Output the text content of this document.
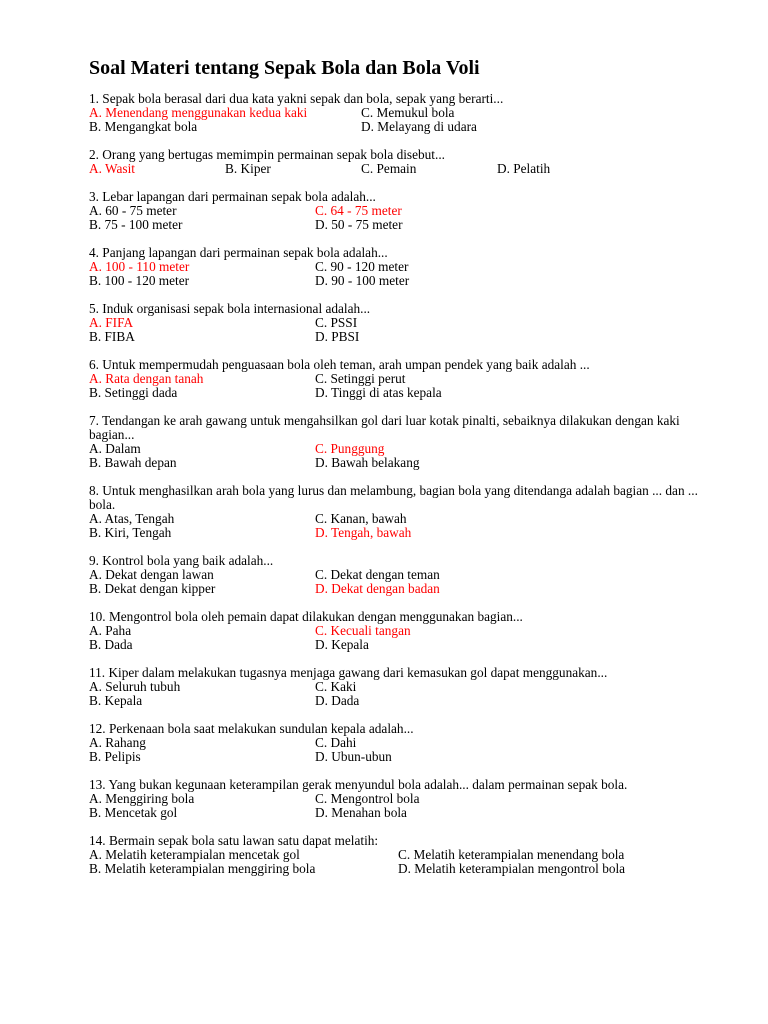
Soal Materi tentang Sepak Bola dan Bola Voli
1. Sepak bola berasal dari dua kata yakni sepak dan bola, sepak yang berarti...
A. Menendang menggunakan kedua kaki	C. Memukul bola
B. Mengangkat bola	D. Melayang di udara
2. Orang yang bertugas memimpin permainan sepak bola disebut...
A. Wasit	B. Kiper	C. Pemain	D. Pelatih
3. Lebar lapangan dari permainan sepak bola adalah...
A. 60 - 75 meter	C. 64 - 75 meter
B. 75 - 100 meter	D. 50 - 75 meter
4. Panjang lapangan dari permainan sepak bola adalah...
A. 100 - 110 meter	C. 90 - 120 meter
B. 100 - 120 meter	D. 90 - 100 meter
5. Induk organisasi sepak bola internasional adalah...
A. FIFA	C. PSSI
B. FIBA	D. PBSI
6. Untuk mempermudah penguasaan bola oleh teman, arah umpan pendek yang baik adalah ...
A. Rata dengan tanah	C. Setinggi perut
B. Setinggi dada	D. Tinggi di atas kepala
7. Tendangan ke arah gawang untuk mengahsilkan gol dari luar kotak pinalti, sebaiknya dilakukan dengan kaki bagian...
A. Dalam	C. Punggung
B. Bawah depan	D. Bawah belakang
8. Untuk menghasilkan arah bola yang lurus dan melambung, bagian bola yang ditendanga adalah bagian ... dan ... bola.
A. Atas, Tengah	C. Kanan, bawah
B. Kiri, Tengah	D. Tengah, bawah
9. Kontrol bola yang baik adalah...
A. Dekat dengan lawan	C. Dekat dengan teman
B. Dekat dengan kipper	D. Dekat dengan badan
10. Mengontrol bola oleh pemain dapat dilakukan dengan menggunakan bagian...
A. Paha	C. Kecuali tangan
B. Dada	D. Kepala
11. Kiper dalam melakukan tugasnya menjaga gawang dari kemasukan gol dapat menggunakan...
A. Seluruh tubuh	C. Kaki
B. Kepala	D. Dada
12. Perkenaan bola saat melakukan sundulan kepala adalah...
A. Rahang	C. Dahi
B. Pelipis	D. Ubun-ubun
13. Yang bukan kegunaan keterampilan gerak menyundul bola adalah... dalam permainan sepak bola.
A. Menggiring bola	C. Mengontrol bola
B. Mencetak gol	D. Menahan bola
14. Bermain sepak bola satu lawan satu dapat melatih:
A. Melatih keterampialan mencetak gol	C. Melatih keterampialan menendang bola
B. Melatih keterampialan menggiring bola	D. Melatih keterampialan mengontrol bola
